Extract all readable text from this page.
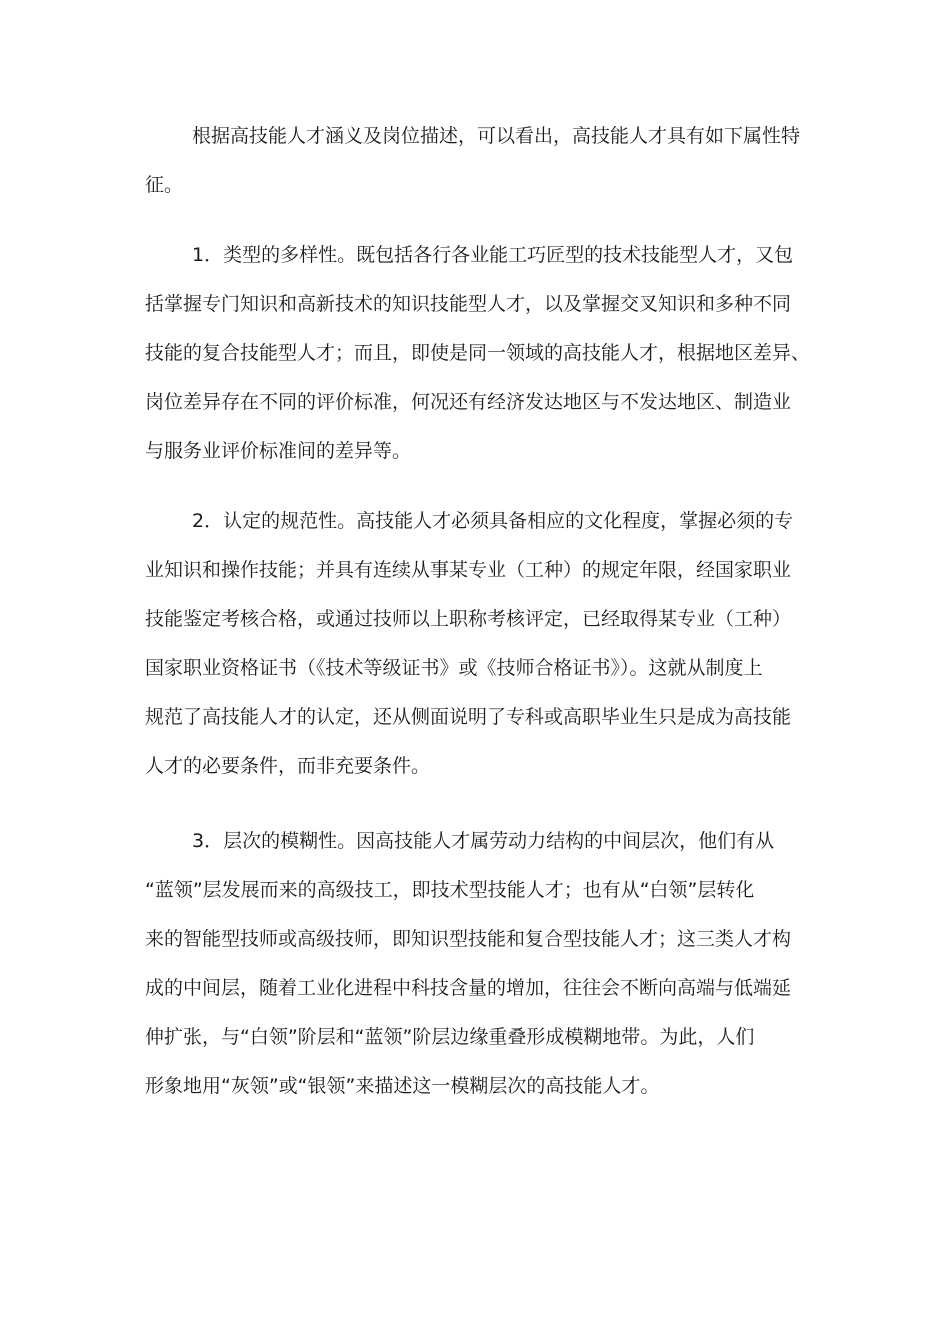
根据高技能人才涵义及岗位描述，可以看出，高技能人才具有如下属性特
征。
1．类型的多样性。既包括各行各业能工巧匠型的技术技能型人才，又包
括掌握专门知识和高新技术的知识技能型人才，以及掌握交叉知识和多种不同
技能的复合技能型人才；而且，即使是同一领域的高技能人才，根据地区差异、
岗位差异存在不同的评价标准，何况还有经济发达地区与不发达地区、制造业
与服务业评价标准间的差异等。
2．认定的规范性。高技能人才必须具备相应的文化程度，掌握必须的专
业知识和操作技能；并具有连续从事某专业（工种）的规定年限，经国家职业
技能鉴定考核合格，或通过技师以上职称考核评定，已经取得某专业（工种）
国家职业资格证书（《技术等级证书》或《技师合格证书》）。这就从制度上
规范了高技能人才的认定，还从侧面说明了专科或高职毕业生只是成为高技能
人才的必要条件，而非充要条件。
3．层次的模糊性。因高技能人才属劳动力结构的中间层次，他们有从
“蓝领”层发展而来的高级技工，即技术型技能人才；也有从“白领”层转化
来的智能型技师或高级技师，即知识型技能和复合型技能人才；这三类人才构
成的中间层，随着工业化进程中科技含量的增加，往往会不断向高端与低端延
伸扩张，与“白领”阶层和“蓝领”阶层边缘重叠形成模糊地带。为此，人们
形象地用“灰领”或“银领”来描述这一模糊层次的高技能人才。
